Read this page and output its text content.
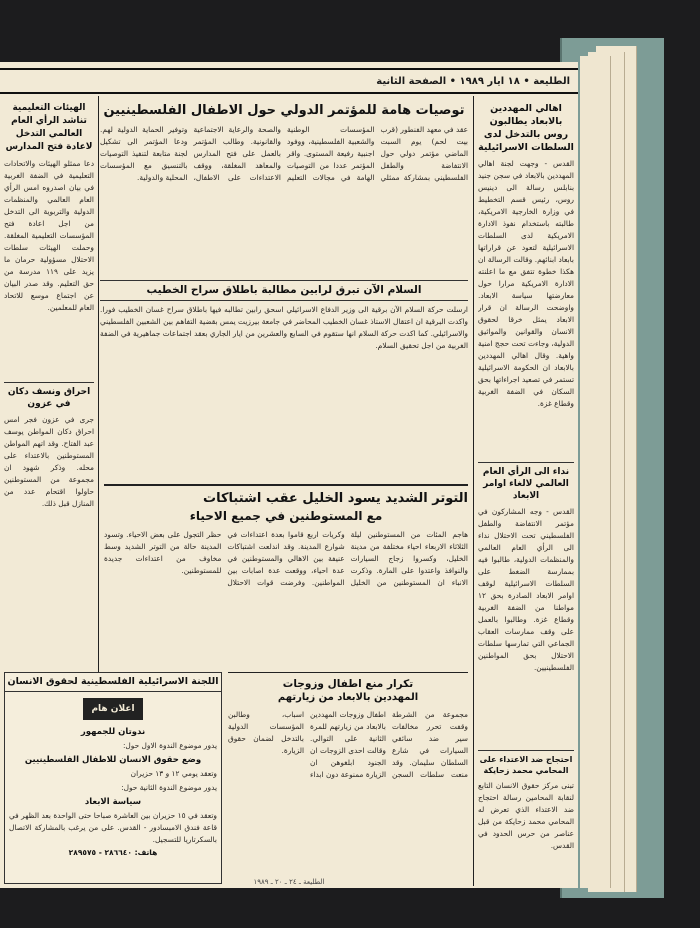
الطليعة • ١٨ ايار ١٩٨٩ • الصفحة الثانية
اهالي المهددين بالابعاد يطالبون روس بالتدخل لدى السلطات الاسرائيلية
القدس - وجهت لجنة اهالي المهددين بالابعاد في سجن جنيد بنابلس رسالة الى دينيس روس، رئيس قسم التخطيط في وزارة الخارجية الامريكية، طالبته باستخدام نفوذ الادارة الامريكية لدى السلطات الاسرائيلية لتعود عن قراراتها بابعاد ابنائهم. وقالت الرسالة ان هكذا خطوة تتفق مع ما اعلنته الادارة الامريكية مرارا حول معارضتها سياسة الابعاد. واوضحت الرسالة ان قرار الابعاد يمثل خرقا لحقوق الانسان والقوانين والمواثيق الدولية، وجاءت تحت حجج امنية واهية. وقال اهالي المهددين بالابعاد ان الحكومة الاسرائيلية تستمر في تصعيد اجراءاتها بحق السكان في الضفة الغربية وقطاع غزة.
نداء الى الرأي العام العالمي لالغاء اوامر الابعاد
القدس - وجه المشاركون في مؤتمر الانتفاضة والطفل الفلسطيني تحت الاحتلال نداء الى الرأي العام العالمي والمنظمات الدولية، طالبوا فيه بممارسة الضغط على السلطات الاسرائيلية لوقف اوامر الابعاد الصادرة بحق ١٢ مواطنا من الضفة الغربية وقطاع غزة. وطالبوا بالعمل على وقف ممارسات العقاب الجماعي التي تمارسها سلطات الاحتلال بحق المواطنين الفلسطينيين.
احتجاج ضد الاعتداء على المحامي محمد زحايكة
تبنى مركز حقوق الانسان التابع لنقابة المحامين رسالة احتجاج ضد الاعتداء الذي تعرض له المحامي محمد زحايكة من قبل عناصر من حرس الحدود في القدس.
توصيات هامة للمؤتمر الدولي حول الاطفال الفلسطينيين
عقد في معهد الفنطور (قرب بيت لحم) يوم السبت الماضي مؤتمر دولي حول الانتفاضة والطفل الفلسطيني بمشاركة ممثلي المؤسسات الوطنية والشعبية الفلسطينية، ووفود اجنبية رفيعة المستوى. واقر المؤتمر عددا من التوصيات الهامة في مجالات التعليم والصحة والرعاية الاجتماعية والقانونية. وطالب المؤتمر بالعمل على فتح المدارس والمعاهد المغلقة، ووقف الاعتداءات على الاطفال، وتوفير الحماية الدولية لهم. ودعا المؤتمر الى تشكيل لجنة متابعة لتنفيذ التوصيات بالتنسيق مع المؤسسات المحلية والدولية.
السلام الآن تبرق لرابين مطالبة باطلاق سراح الخطيب
ارسلت حركة السلام الآن برقية الى وزير الدفاع الاسرائيلي اسحق رابين تطالبه فيها باطلاق سراح غسان الخطيب فورا. واكدت البرقية ان اعتقال الاستاذ غسان الخطيب المحاضر في جامعة بيرزيت يمس بقضية التفاهم بين الشعبين الفلسطيني والاسرائيلي. كما اكدت حركة السلام انها ستقوم في السابع والعشرين من ايار الجاري بعقد اجتماعات جماهيرية في الضفة الغربية من اجل تحقيق السلام.
الهيئات التعليمية تناشد الرأي العام العالمي التدخل لاعادة فتح المدارس
دعا ممثلو الهيئات والاتحادات التعليمية في الضفة الغربية في بيان اصدروه امس الرأي العام العالمي والمنظمات الدولية والتربوية الى التدخل من اجل اعادة فتح المؤسسات التعليمية المغلقة. وحملت الهيئات سلطات الاحتلال مسؤولية حرمان ما يزيد على ١١٩ مدرسة من حق التعليم. وقد صدر البيان عن اجتماع موسع للاتحاد العام للمعلمين.
احراق ونسف دكان في عزون
جرى في عزون فجر امس احراق دكان المواطن يوسف عبد الفتاح. وقد اتهم المواطن المستوطنين بالاعتداء على محله. وذكر شهود ان مجموعة من المستوطنين حاولوا اقتحام عدد من المنازل قبل ذلك.	التوتر الشديد يسود الخليل عقب اشتباكات
مع المستوطنين في جميع الاحياء
هاجم المئات من المستوطنين ليلة الثلاثاء الاربعاء احياء مختلفة من مدينة الخليل، وكسروا زجاج السيارات والنوافذ واعتدوا على المارة. وذكرت الانباء ان المستوطنين من الخليل وكريات اربع قاموا بعدة اعتداءات في شوارع المدينة. وقد اندلعت اشتباكات عنيفة بين الاهالي والمستوطنين في عدة احياء، ووقعت عدة اصابات بين المواطنين. وفرضت قوات الاحتلال حظر التجول على بعض الاحياء. وتسود المدينة حالة من التوتر الشديد وسط مخاوف من اعتداءات جديدة للمستوطنين.
تكرار منع اطفال وزوجات
المهددين بالابعاد من زيارتهم
مجموعة من الشرطة وقفت تحرر مخالفات سير ضد سائقي السيارات في شارع السلطان سليمان. وقد منعت سلطات السجن اطفال وزوجات المهددين بالابعاد من زيارتهم للمرة الثانية على التوالي. وقالت احدى الزوجات ان الجنود ابلغوهن ان الزيارة ممنوعة دون ابداء اسباب، وطالبن المؤسسات الدولية بالتدخل لضمان حقوق الزيارة.
اللجنة الاسرائيلية الفلسطينية لحقوق الانسان
اعلان هام
ندوتان للجمهور
يدور موضوع الندوة الاول حول:
وضع حقوق الانسان للاطفال الفلسطينيين
وتعقد يومي ١٢ و ١٣ حزيران
يدور موضوع الندوة الثانية حول:
سياسة الابعاد
وتعقد في ١٥ حزيران بين العاشرة صباحا حتى الواحدة بعد الظهر في قاعة فندق الامبسادور - القدس. على من يرغب بالمشاركة الاتصال بالسكرتاريا للتسجيل.
هاتف: ٢٨٦٦٤٠ - ٢٨٩٥٧٥
الطليعة ـ ٢٤ ـ ٢٠ ـ ١٩٨٩
